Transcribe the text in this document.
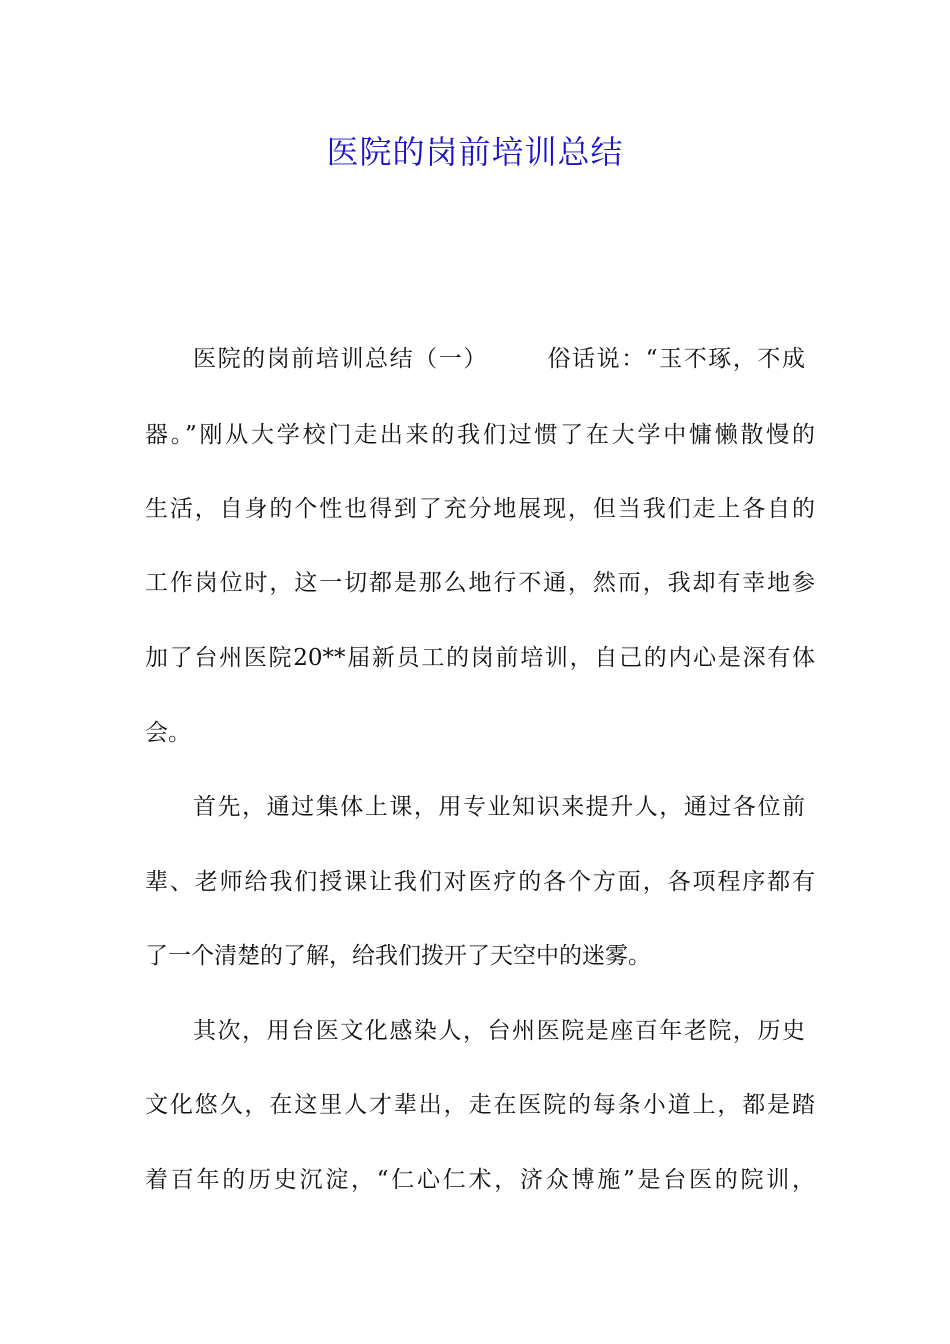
医院的岗前培训总结
医院的岗前培训总结（一）	俗话说：“玉不琢，不成
器。”刚从大学校门走出来的我们过惯了在大学中慵懒散慢的
生活，自身的个性也得到了充分地展现，但当我们走上各自的
工作岗位时，这一切都是那么地行不通，然而，我却有幸地参
加了台州医院20**届新员工的岗前培训，自己的内心是深有体
会。
首先，通过集体上课，用专业知识来提升人，通过各位前
辈、老师给我们授课让我们对医疗的各个方面，各项程序都有
了一个清楚的了解，给我们拨开了天空中的迷雾。
其次，用台医文化感染人，台州医院是座百年老院，历史
文化悠久，在这里人才辈出，走在医院的每条小道上，都是踏
着百年的历史沉淀，“仁心仁术，济众博施”是台医的院训，
